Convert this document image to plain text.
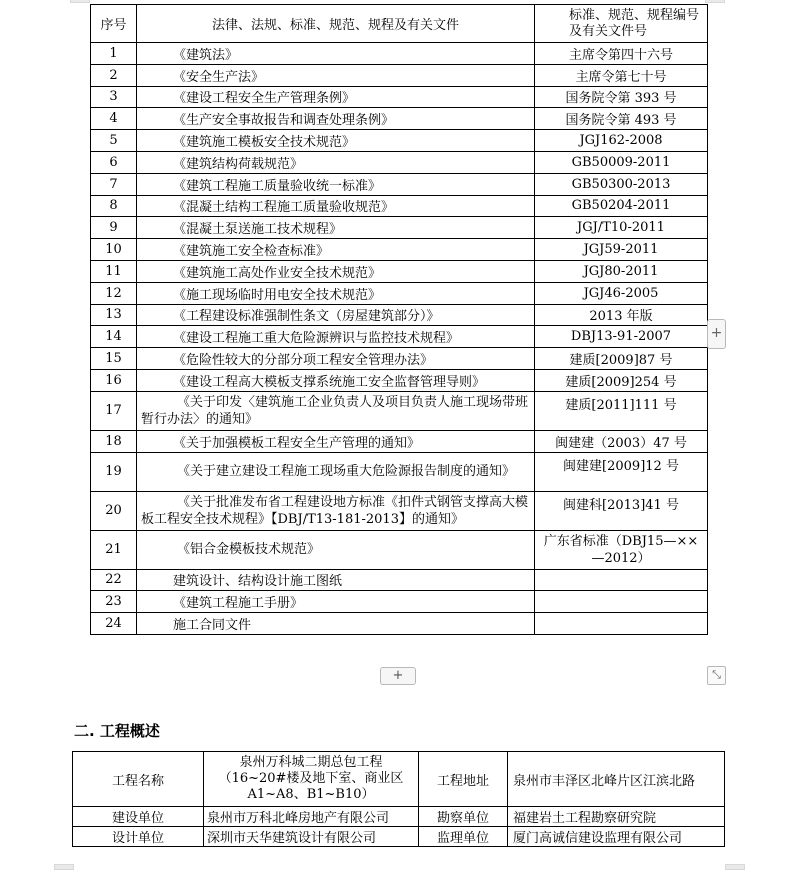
序号	法律、法规、标准、规范、规程及有关文件	标准、规范、规程编号及有关文件号
1	《建筑法》	主席令第四十六号
2	《安全生产法》	主席令第七十号
3	《建设工程安全生产管理条例》	国务院令第 393 号
4	《生产安全事故报告和调查处理条例》	国务院令第 493 号
5	《建筑施工模板安全技术规范》	JGJ162-2008
6	《建筑结构荷载规范》	GB50009-2011
7	《建筑工程施工质量验收统一标准》	GB50300-2013
8	《混凝土结构工程施工质量验收规范》	GB50204-2011
9	《混凝土泵送施工技术规程》	JGJ/T10-2011
10	《建筑施工安全检查标准》	JGJ59-2011
11	《建筑施工高处作业安全技术规范》	JGJ80-2011
12	《施工现场临时用电安全技术规范》	JGJ46-2005
13	《工程建设标准强制性条文（房屋建筑部分）》	2013 年版
14	《建设工程施工重大危险源辨识与监控技术规程》	DBJ13-91-2007
15	《危险性较大的分部分项工程安全管理办法》	建质[2009]87 号
16	《建设工程高大模板支撑系统施工安全监督管理导则》	建质[2009]254 号
17	《关于印发〈建筑施工企业负责人及项目负责人施工现场带班暂行办法〉的通知》	建质[2011]111 号
18	《关于加强模板工程安全生产管理的通知》	闽建建（2003）47 号
19	《关于建立建设工程施工现场重大危险源报告制度的通知》	闽建建[2009]12 号
20	《关于批准发布省工程建设地方标准《扣件式钢管支撑高大模板工程安全技术规程》【DBJ/T13-181-2013】的通知》	闽建科[2013]41 号
21	《铝合金模板技术规范》	广东省标准（DBJ15—××—2012）
22	建筑设计、结构设计施工图纸	
23	《建筑工程施工手册》	
24	施工合同文件	
+
+	⤡
二. 工程概述
工程名称	泉州万科城二期总包工程（16~20#楼及地下室、商业区A1~A8、B1~B10）	工程地址	泉州市丰泽区北峰片区江滨北路
建设单位	泉州市万科北峰房地产有限公司	勘察单位	福建岩土工程勘察研究院
设计单位	深圳市天华建筑设计有限公司	监理单位	厦门高诚信建设监理有限公司
